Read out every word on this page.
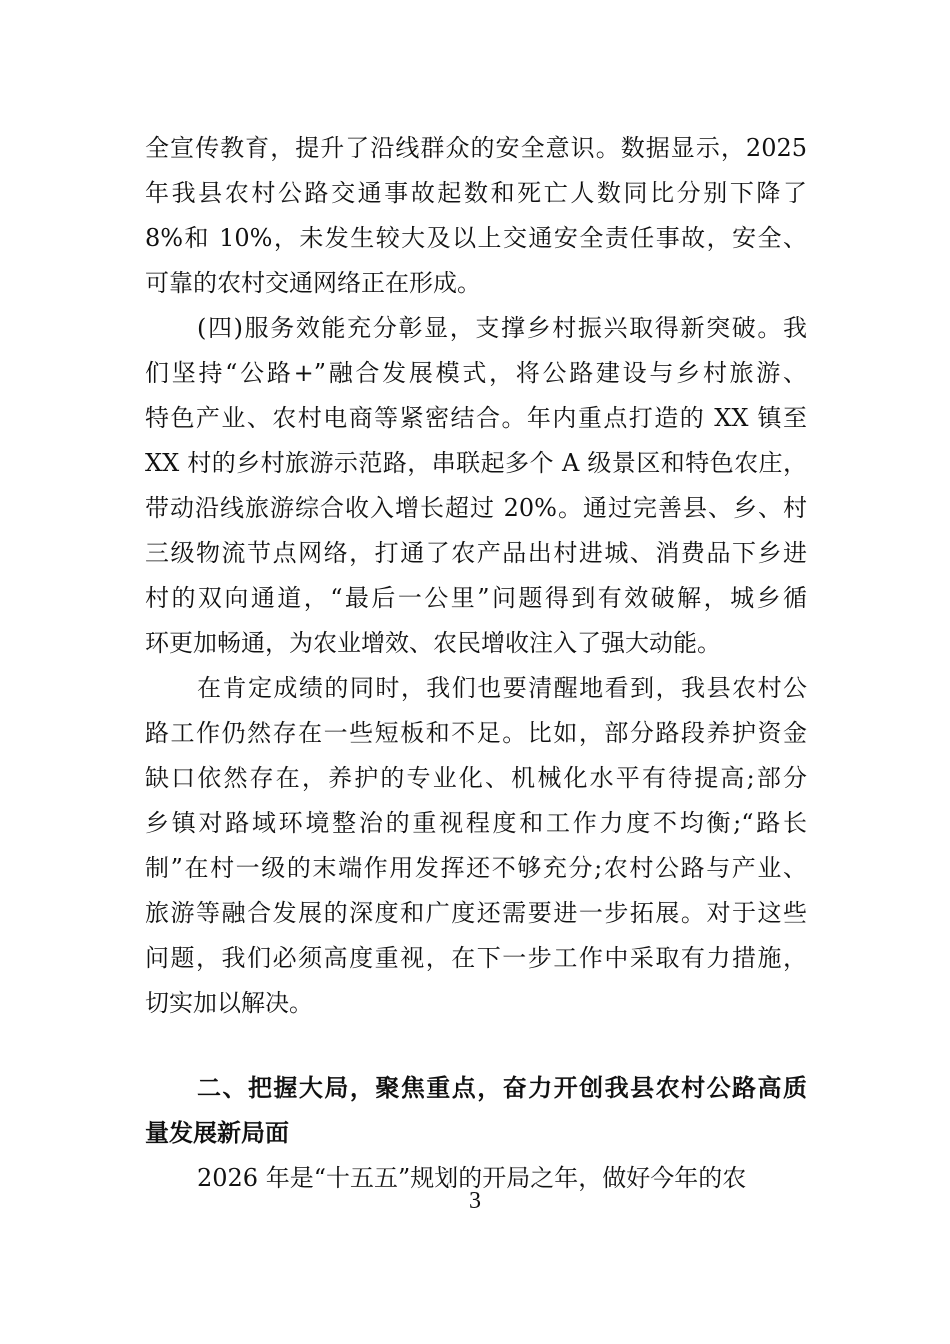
全宣传教育，提升了沿线群众的安全意识。数据显示，2025
年我县农村公路交通事故起数和死亡人数同比分别下降了
8%和 10%，未发生较大及以上交通安全责任事故，安全、
可靠的农村交通网络正在形成。
(四)服务效能充分彰显，支撑乡村振兴取得新突破。我
们坚持“公路+”融合发展模式，将公路建设与乡村旅游、
特色产业、农村电商等紧密结合。年内重点打造的 XX 镇至
XX 村的乡村旅游示范路，串联起多个 A 级景区和特色农庄，
带动沿线旅游综合收入增长超过 20%。通过完善县、乡、村
三级物流节点网络，打通了农产品出村进城、消费品下乡进
村的双向通道，“最后一公里”问题得到有效破解，城乡循
环更加畅通，为农业增效、农民增收注入了强大动能。
在肯定成绩的同时，我们也要清醒地看到，我县农村公
路工作仍然存在一些短板和不足。比如，部分路段养护资金
缺口依然存在，养护的专业化、机械化水平有待提高;部分
乡镇对路域环境整治的重视程度和工作力度不均衡;“路长
制”在村一级的末端作用发挥还不够充分;农村公路与产业、
旅游等融合发展的深度和广度还需要进一步拓展。对于这些
问题，我们必须高度重视，在下一步工作中采取有力措施，
切实加以解决。
二、把握大局，聚焦重点，奋力开创我县农村公路高质
量发展新局面
2026 年是“十五五”规划的开局之年，做好今年的农
3
